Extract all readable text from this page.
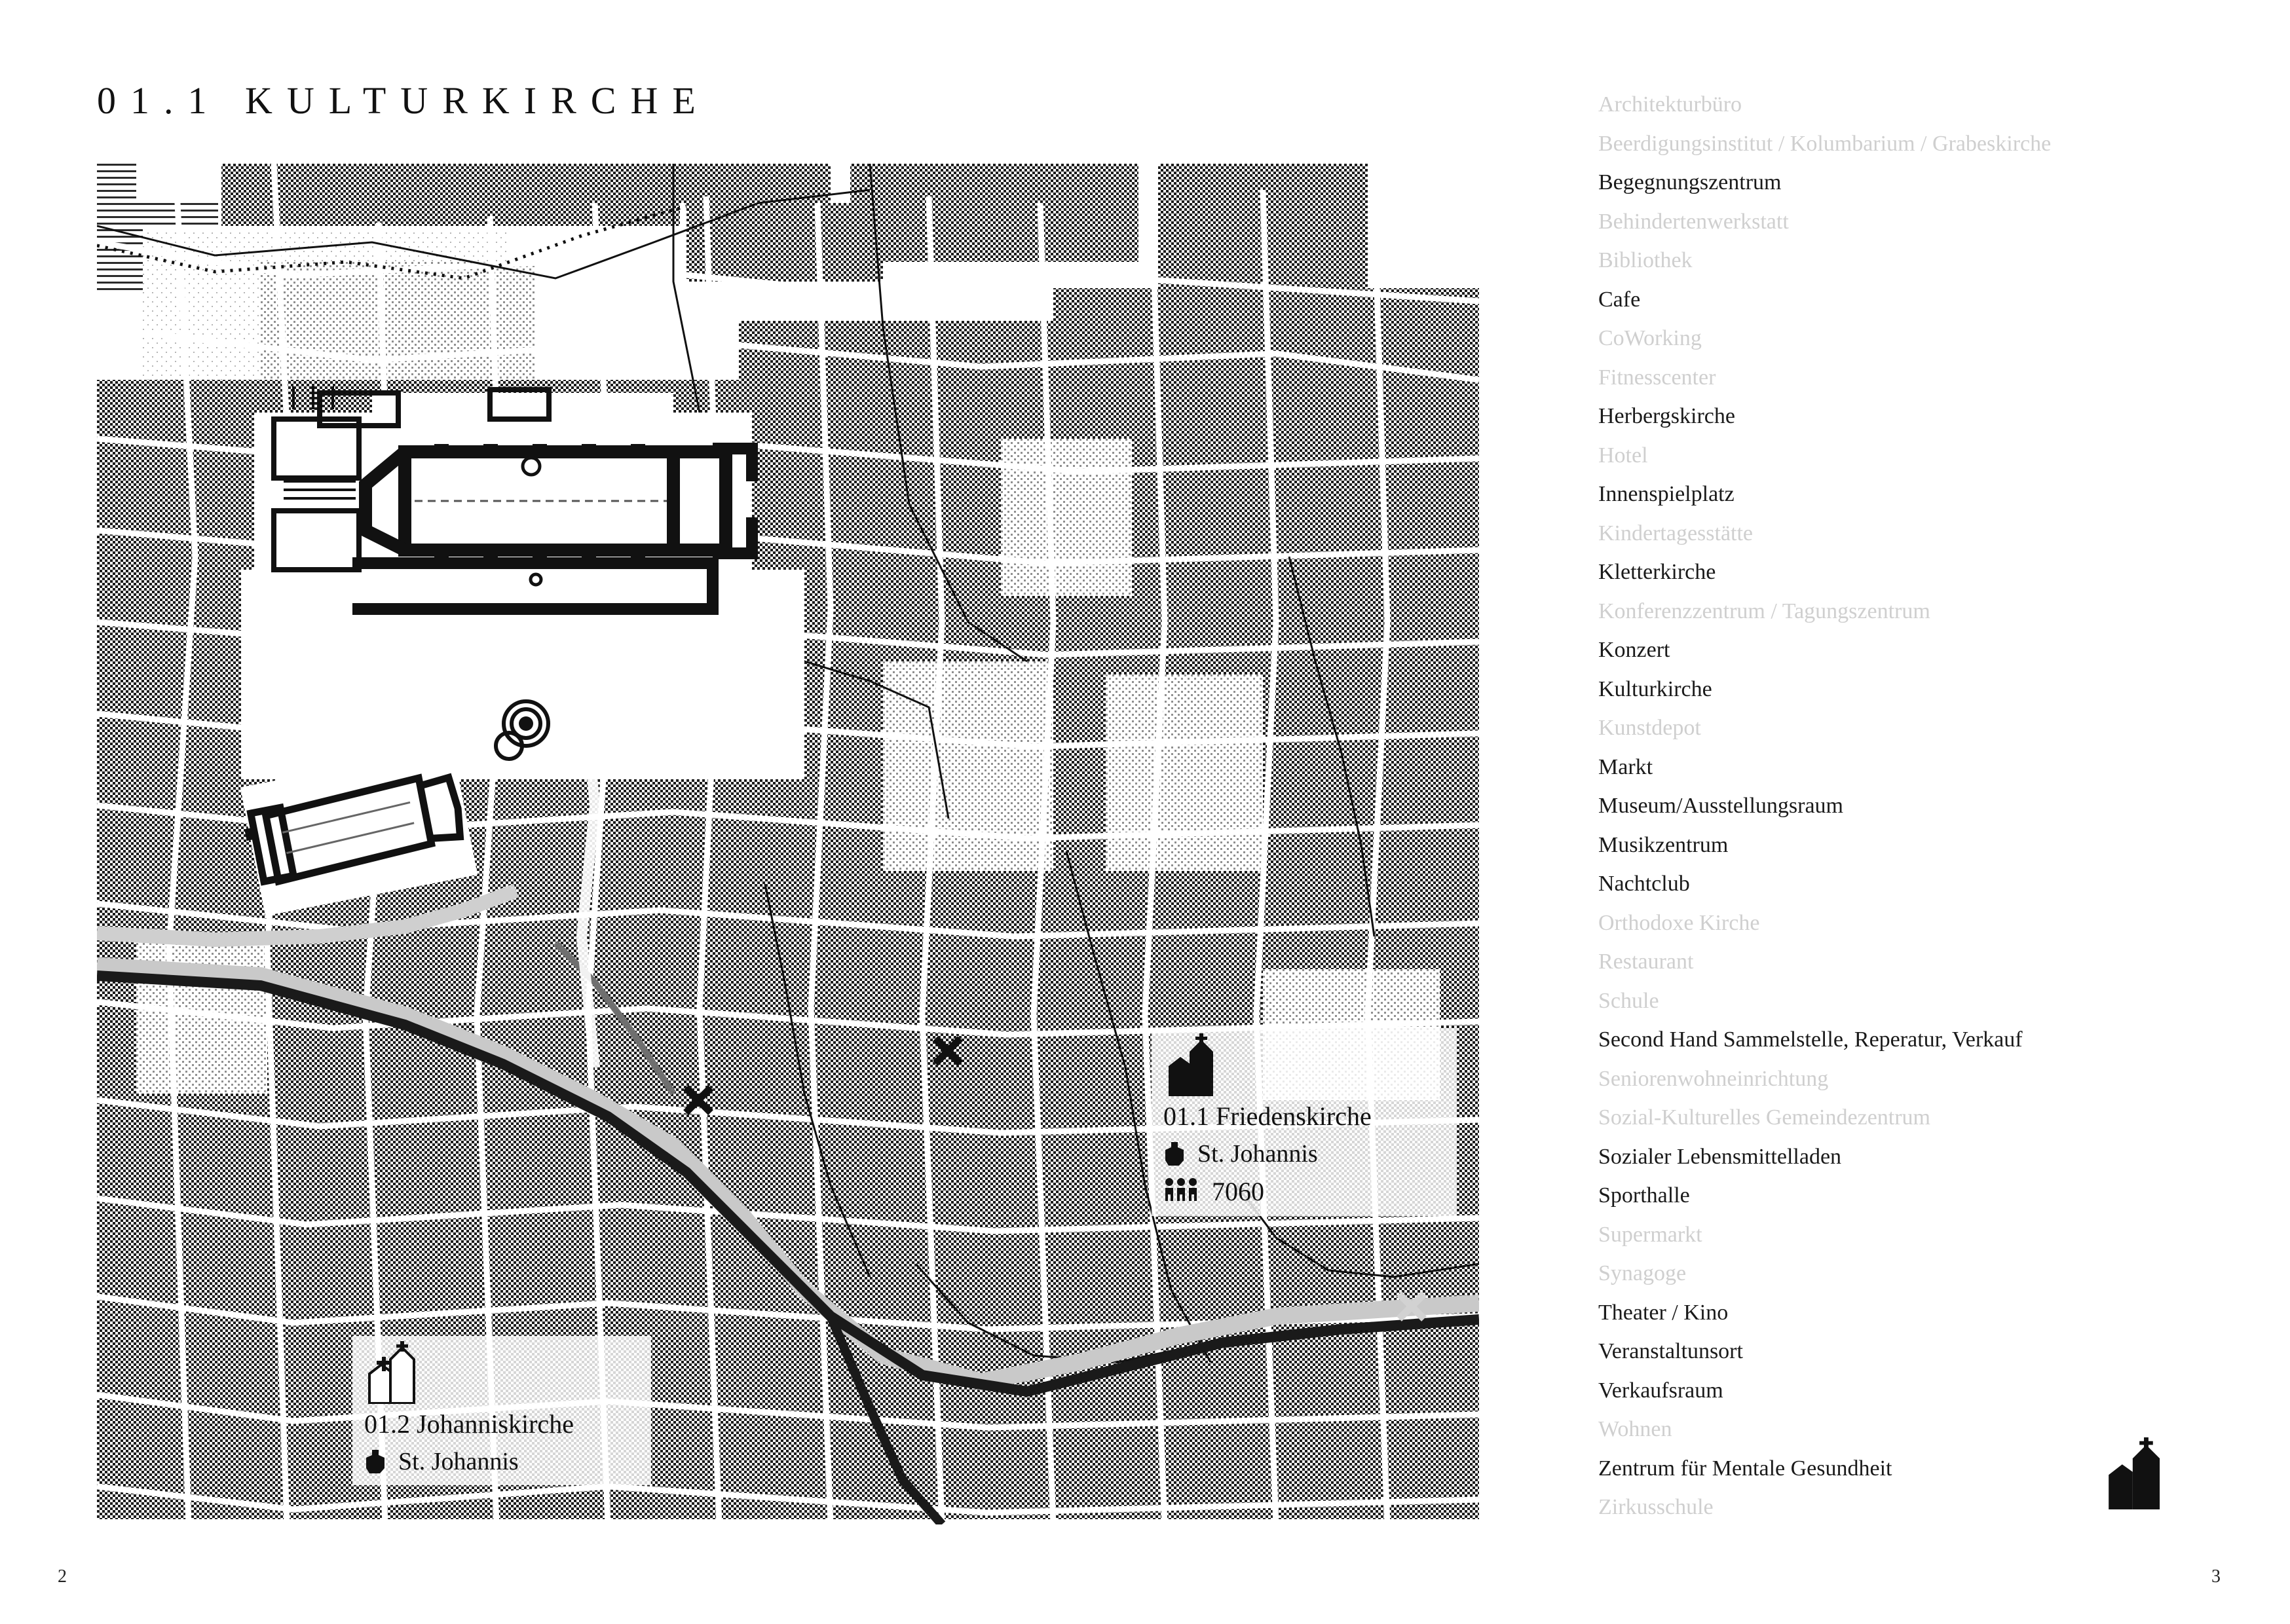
01.1 KULTURKIRCHE
01.1 Friedenskirche
St. Johannis
7060
01.2 Johanniskirche
St. Johannis
Architekturbüro
Beerdigungsinstitut / Kolumbarium / Grabeskirche
Begegnungszentrum
Behindertenwerkstatt
Bibliothek
Cafe
CoWorking
Fitnesscenter
Herbergskirche
Hotel
Innenspielplatz
Kindertagesstätte
Kletterkirche
Konferenzzentrum / Tagungszentrum
Konzert
Kulturkirche
Kunstdepot
Markt
Museum/Ausstellungsraum
Musikzentrum
Nachtclub
Orthodoxe Kirche
Restaurant
Schule
Second Hand Sammelstelle, Reperatur, Verkauf
Seniorenwohneinrichtung
Sozial-Kulturelles Gemeindezentrum
Sozialer Lebensmittelladen
Sporthalle
Supermarkt
Synagoge
Theater / Kino
Veranstaltunsort
Verkaufsraum
Wohnen
Zentrum für Mentale Gesundheit
Zirkusschule
2	3
